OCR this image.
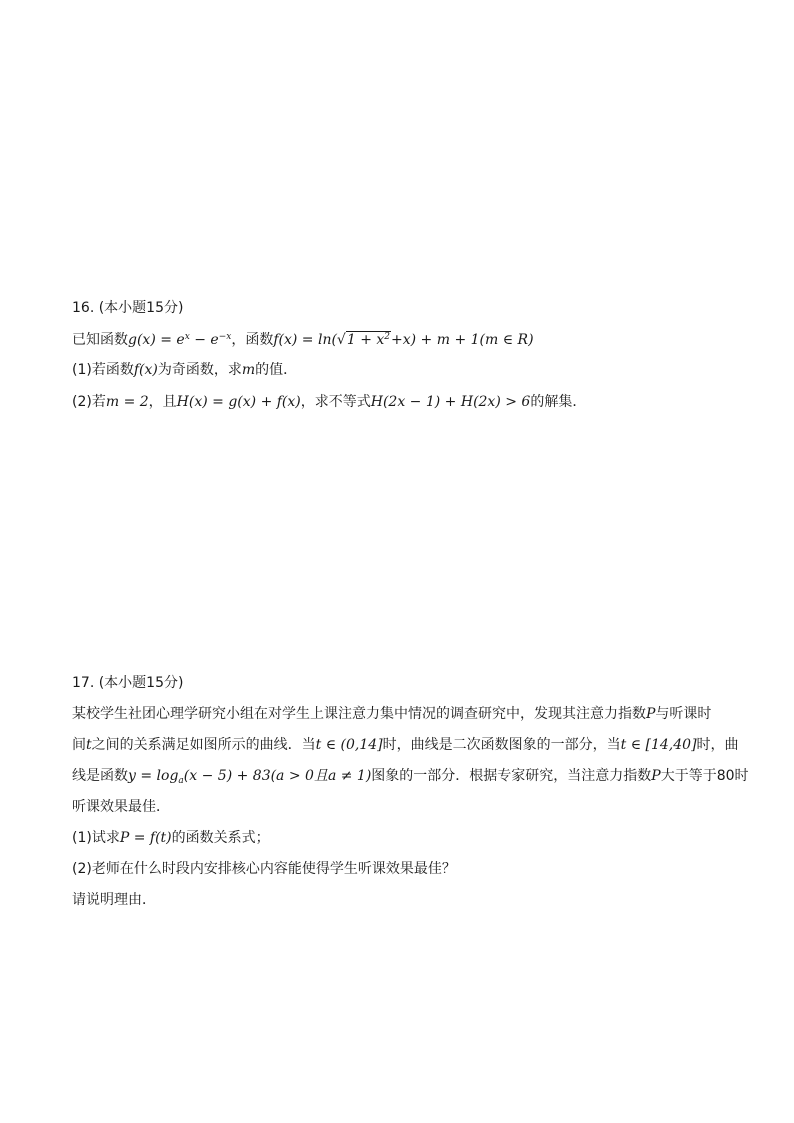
16. (本小题15分)
已知函数$g(x) = e^x - e^{-x}$，函数$f(x) = \ln(√1 + x^2+x) + m + 1(m$ ∈ R)
(1)若函数f(x)为奇函数，求m的值．
(2)若m = 2，且H(x) = g(x) + f(x)，求不等式H(2x − 1) + H(2x) > 6的解集．
17. (本小题15分)
某校学生社团心理学研究小组在对学生上课注意力集中情况的调查研究中，发现其注意力指数P与听课时
间t之间的关系满足如图所示的曲线．当t ∈ (0,14]时，曲线是二次函数图象的一部分，当t ∈ [14,40]时，曲
线是函数$y = \log_a(x - 5) + 83(a > 0$且a ≠ 1)图象的一部分．根据专家研究，当注意力指数P大于等于80时
听课效果最佳．
(1)试求P = f(t)的函数关系式；
(2)老师在什么时段内安排核心内容能使得学生听课效果最佳？
请说明理由．
